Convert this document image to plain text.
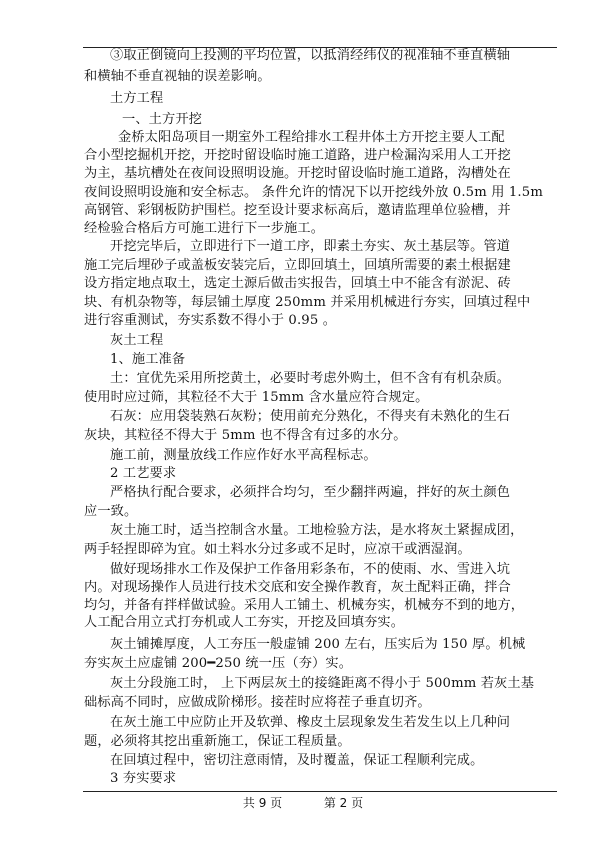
③取正倒镜向上投测的平均位置，以抵消经纬仪的视准轴不垂直横轴
和横轴不垂直视轴的误差影响。
土方工程
一、土方开挖
金桥太阳岛项目一期室外工程给排水工程井体土方开挖主要人工配
合小型挖掘机开挖，开挖时留设临时施工道路，进户检漏沟采用人工开挖
为主，基坑槽处在夜间设照明设施。开挖时留设临时施工道路，沟槽处在
夜间设照明设施和安全标志。 条件允许的情况下以开挖线外放 0.5m 用 1.5m
高钢管、彩钢板防护围栏。挖至设计要求标高后，邀请监理单位验槽，并
经检验合格后方可施工进行下一步施工。
开挖完毕后，立即进行下一道工序，即素土夯实、灰土基层等。管道
施工完后埋砂子或盖板安装完后，立即回填土，回填所需要的素土根据建
设方指定地点取土，选定土源后做击实报告，回填土中不能含有淤泥、砖
块、有机杂物等，每层铺土厚度 250mm 并采用机械进行夯实，回填过程中
进行容重测试，夯实系数不得小于 0.95 。
灰土工程
1、施工准备
土：宜优先采用所挖黄土，必要时考虑外购土，但不含有有机杂质。
使用时应过筛，其粒径不大于 15mm 含水量应符合规定。
石灰：应用袋装熟石灰粉；使用前充分熟化，不得夹有未熟化的生石
灰块，其粒径不得大于 5mm 也不得含有过多的水分。
施工前，测量放线工作应作好水平高程标志。
2 工艺要求
严格执行配合要求，必须拌合均匀，至少翻拌两遍，拌好的灰土颜色
应一致。
灰土施工时，适当控制含水量。工地检验方法，是水将灰土紧握成团，
两手轻捏即碎为宜。如土料水分过多或不足时，应凉干或洒湿润。
做好现场排水工作及保护工作备用彩条布，不的使雨、水、雪进入坑
内。对现场操作人员进行技术交底和安全操作教育，灰土配料正确，拌合
均匀，并备有拌样做试验。采用人工铺土、机械夯实，机械夯不到的地方，
人工配合用立式打夯机或人工夯实，开挖及回填夯实。
灰土铺摊厚度，人工夯压一般虚铺 200 左右，压实后为 150 厚。机械
夯实灰土应虚铺 200━250 统一压（夯）实。
灰土分段施工时， 上下两层灰土的接缝距离不得小于 500mm 若灰土基
础标高不同时，应做成阶梯形。接茬时应将茬子垂直切齐。
在灰土施工中应防止开及软弹、橡皮土层现象发生若发生以上几种问
题，必须将其挖出重新施工，保证工程质量。
在回填过程中，密切注意雨情，及时覆盖，保证工程顺利完成。
3 夯实要求
共 9 页	第 2 页
